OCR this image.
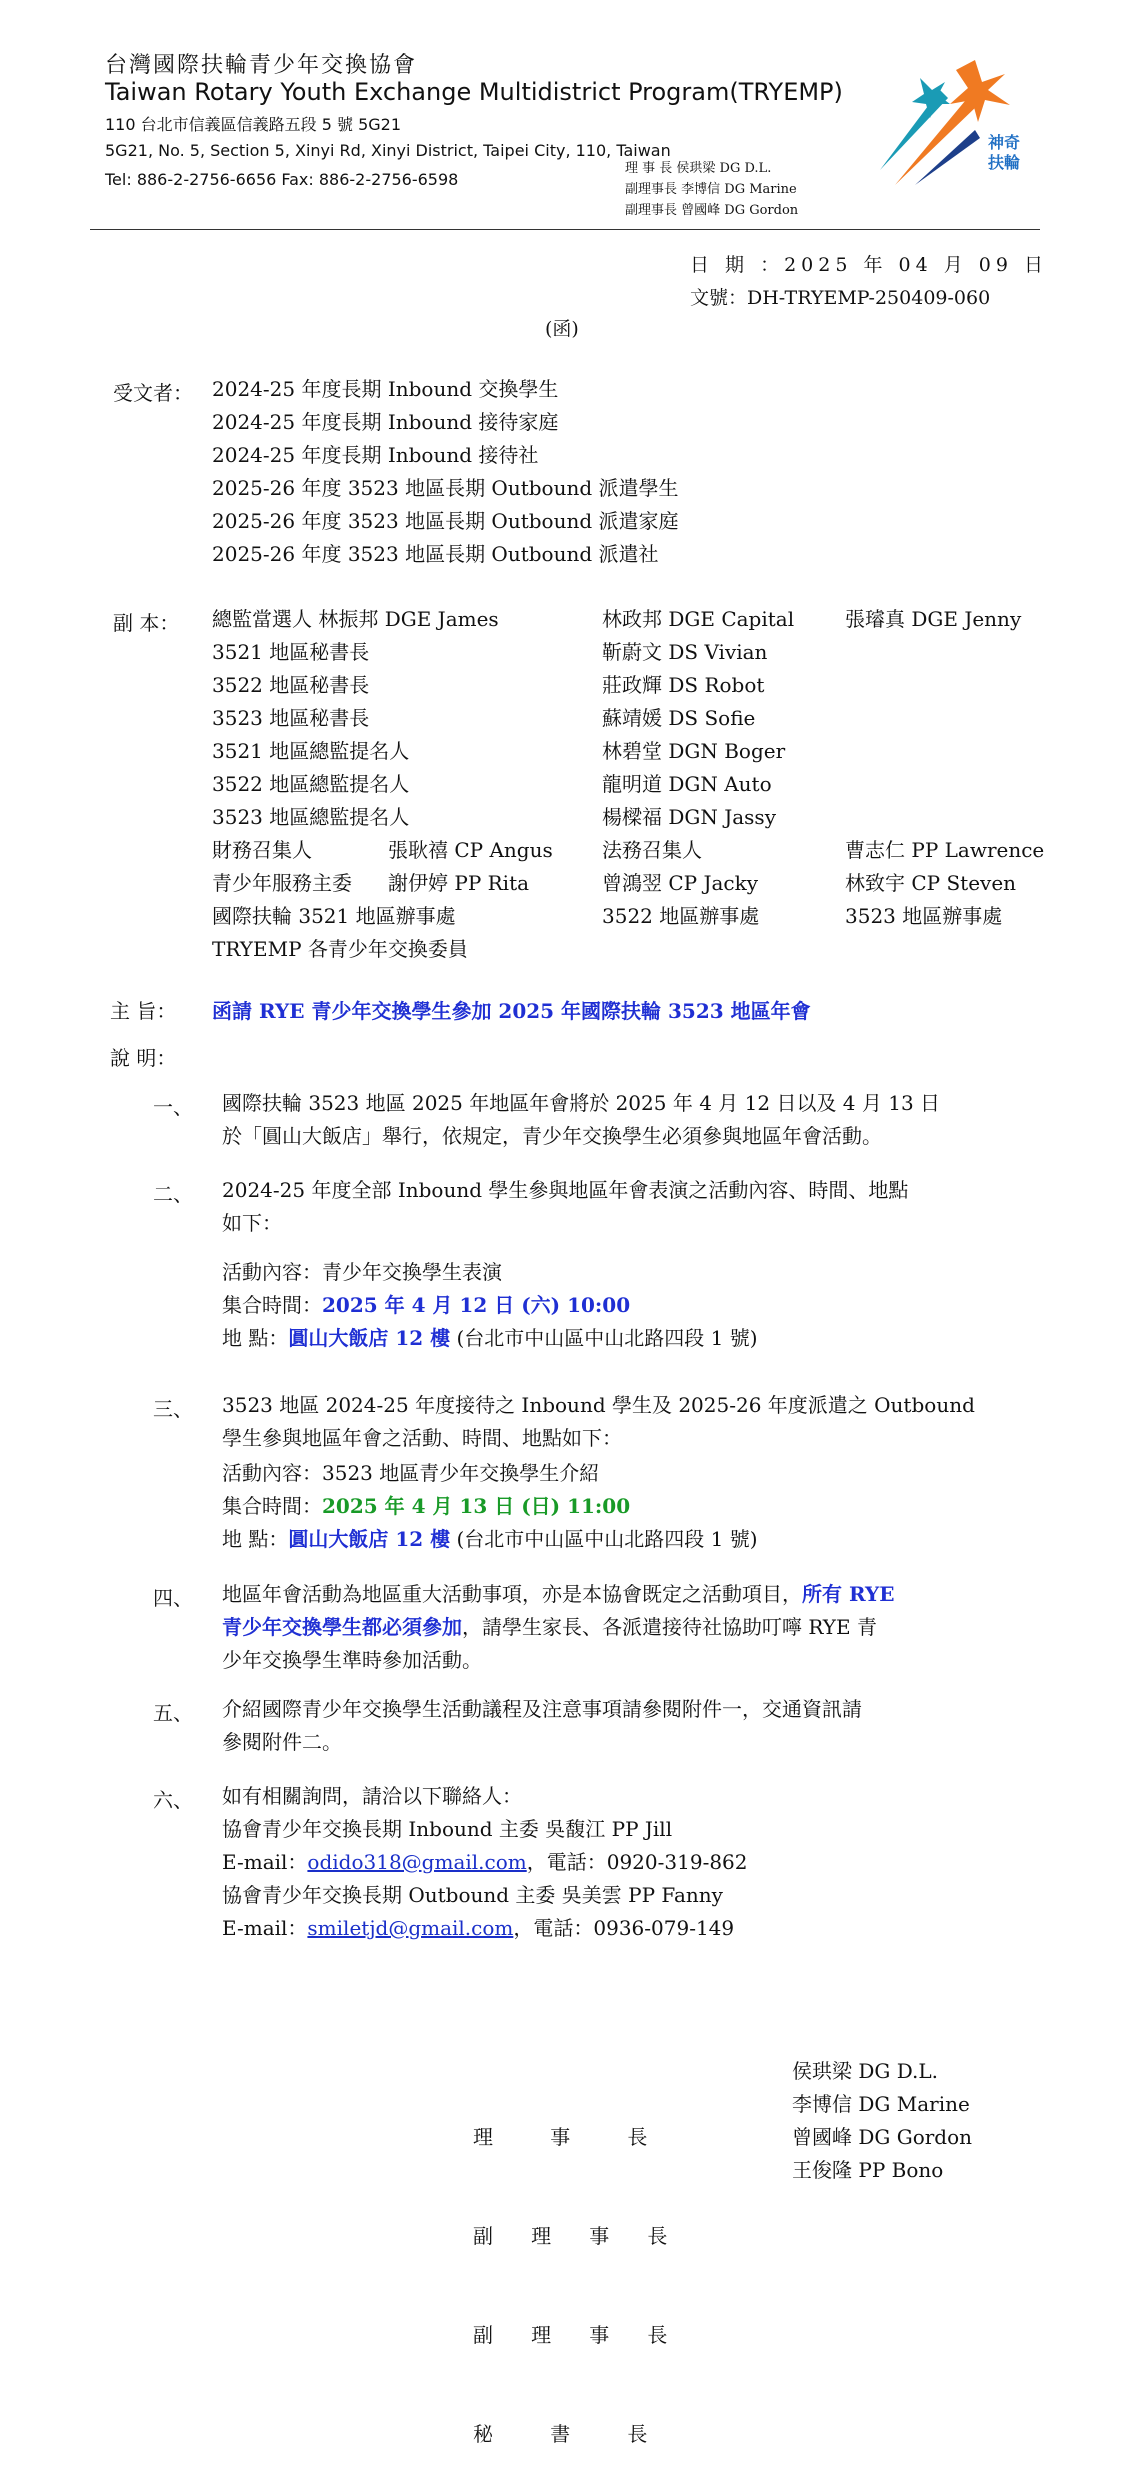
台灣國際扶輪青少年交換協會
Taiwan Rotary Youth Exchange Multidistrict Program(TRYEMP)
110 台北市信義區信義路五段 5 號 5G21
5G21, No. 5, Section 5, Xinyi Rd, Xinyi District, Taipei City, 110, Taiwan
Tel: 886-2-2756-6656 Fax: 886-2-2756-6598
理 事 長 侯珙梁 DG D.L.
副理事長 李博信 DG Marine
副理事長 曾國峰 DG Gordon
神奇
扶輪
日 期 ：2025 年 04 月 09 日
文號：DH-TRYEMP-250409-060
(函)
受文者： 2024-25 年度長期 Inbound 交換學生
2024-25 年度長期 Inbound 接待家庭
2024-25 年度長期 Inbound 接待社
2025-26 年度 3523 地區長期 Outbound 派遣學生
2025-26 年度 3523 地區長期 Outbound 派遣家庭
2025-26 年度 3523 地區長期 Outbound 派遣社
副 本： 總監當選人 林振邦 DGE James
3521 地區秘書長
3522 地區秘書長
3523 地區秘書長
3521 地區總監提名人
3522 地區總監提名人
3523 地區總監提名人
財務召集人
青少年服務主委
國際扶輪 3521 地區辦事處
TRYEMP 各青少年交換委員
張耿禧 CP Angus
謝伊婷 PP Rita
林政邦 DGE Capital
靳蔚文 DS Vivian
莊政輝 DS Robot
蘇靖媛 DS Sofie
林碧堂 DGN Boger
龍明道 DGN Auto
楊樑福 DGN Jassy
法務召集人
曾鴻翌 CP Jacky
3522 地區辦事處
張璿真 DGE Jenny
曹志仁 PP Lawrence
林致宇 CP Steven
3523 地區辦事處
主 旨： 函請 RYE 青少年交換學生參加 2025 年國際扶輪 3523 地區年會
說 明：
一、 國際扶輪 3523 地區 2025 年地區年會將於 2025 年 4 月 12 日以及 4 月 13 日
於「圓山大飯店」舉行，依規定，青少年交換學生必須參與地區年會活動。
二、 2024-25 年度全部 Inbound 學生參與地區年會表演之活動內容、時間、地點
如下：
活動內容：青少年交換學生表演
集合時間：2025 年 4 月 12 日 (六) 10:00
地 點：圓山大飯店 12 樓 (台北市中山區中山北路四段 1 號)
三、 3523 地區 2024-25 年度接待之 Inbound 學生及 2025-26 年度派遣之 Outbound
學生參與地區年會之活動、時間、地點如下：
活動內容：3523 地區青少年交換學生介紹
集合時間：2025 年 4 月 13 日 (日) 11:00
地 點：圓山大飯店 12 樓 (台北市中山區中山北路四段 1 號)
四、 地區年會活動為地區重大活動事項，亦是本協會既定之活動項目，所有 RYE
青少年交換學生都必須參加，請學生家長、各派遣接待社協助叮嚀 RYE 青
少年交換學生準時參加活動。
五、 介紹國際青少年交換學生活動議程及注意事項請參閱附件一，交通資訊請
參閱附件二。
六、 如有相關詢問，請洽以下聯絡人：
協會青少年交換長期 Inbound 主委 吳馥江 PP Jill
E-mail：odido318@gmail.com，電話：0920-319-862
協會青少年交換長期 Outbound 主委 吳美雲 PP Fanny
E-mail：smiletjd@gmail.com，電話：0936-079-149

理         事         長

副      理      事      長

副      理      事      長

秘         書         長

侯珙梁 DG D.L.
李博信 DG Marine
曾國峰 DG Gordon
王俊隆 PP Bono
